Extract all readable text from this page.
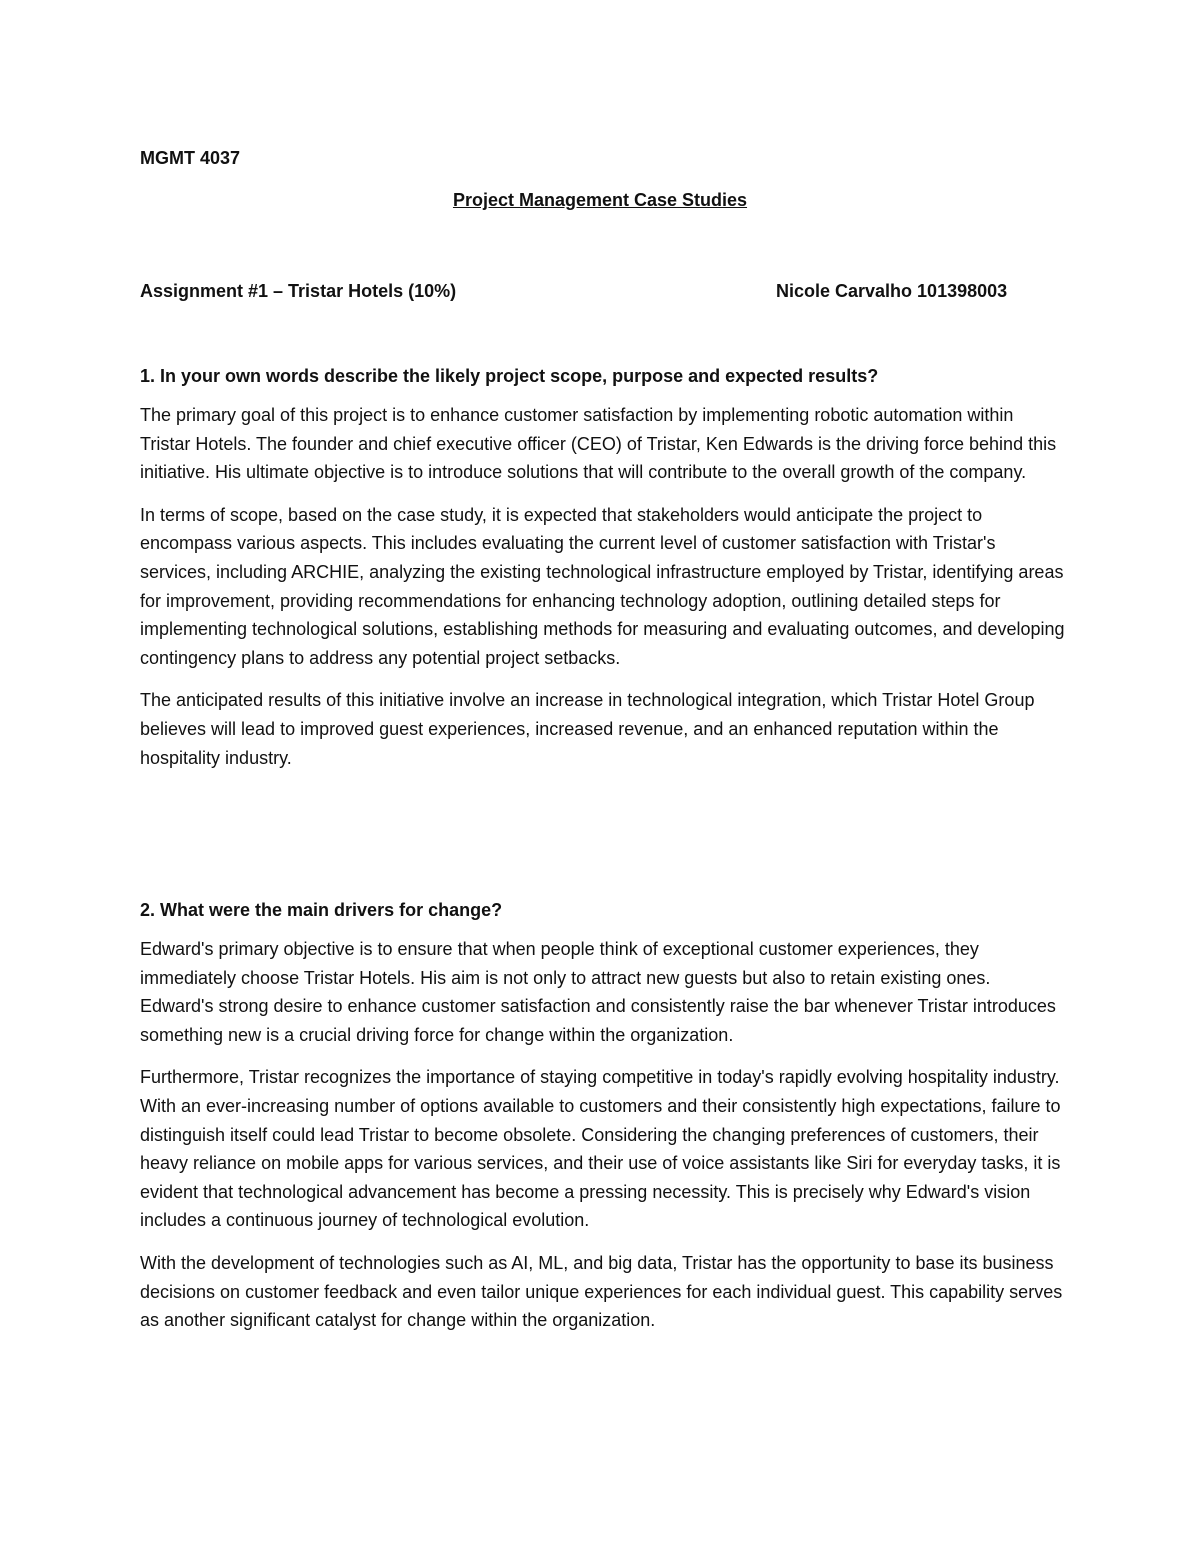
MGMT 4037

Project Management Case Studies

Assignment #1 – Tristar Hotels (10%)	Nicole Carvalho 101398003

1. In your own words describe the likely project scope, purpose and expected results?

The primary goal of this project is to enhance customer satisfaction by implementing robotic automation within Tristar Hotels. The founder and chief executive officer (CEO) of Tristar, Ken Edwards is the driving force behind this initiative. His ultimate objective is to introduce solutions that will contribute to the overall growth of the company.

In terms of scope, based on the case study, it is expected that stakeholders would anticipate the project to encompass various aspects. This includes evaluating the current level of customer satisfaction with Tristar's services, including ARCHIE, analyzing the existing technological infrastructure employed by Tristar, identifying areas for improvement, providing recommendations for enhancing technology adoption, outlining detailed steps for implementing technological solutions, establishing methods for measuring and evaluating outcomes, and developing contingency plans to address any potential project setbacks.

The anticipated results of this initiative involve an increase in technological integration, which Tristar Hotel Group believes will lead to improved guest experiences, increased revenue, and an enhanced reputation within the hospitality industry.

2. What were the main drivers for change?

Edward's primary objective is to ensure that when people think of exceptional customer experiences, they immediately choose Tristar Hotels. His aim is not only to attract new guests but also to retain existing ones. Edward's strong desire to enhance customer satisfaction and consistently raise the bar whenever Tristar introduces something new is a crucial driving force for change within the organization.

Furthermore, Tristar recognizes the importance of staying competitive in today's rapidly evolving hospitality industry. With an ever-increasing number of options available to customers and their consistently high expectations, failure to distinguish itself could lead Tristar to become obsolete. Considering the changing preferences of customers, their heavy reliance on mobile apps for various services, and their use of voice assistants like Siri for everyday tasks, it is evident that technological advancement has become a pressing necessity. This is precisely why Edward's vision includes a continuous journey of technological evolution.

With the development of technologies such as AI, ML, and big data, Tristar has the opportunity to base its business decisions on customer feedback and even tailor unique experiences for each individual guest. This capability serves as another significant catalyst for change within the organization.
